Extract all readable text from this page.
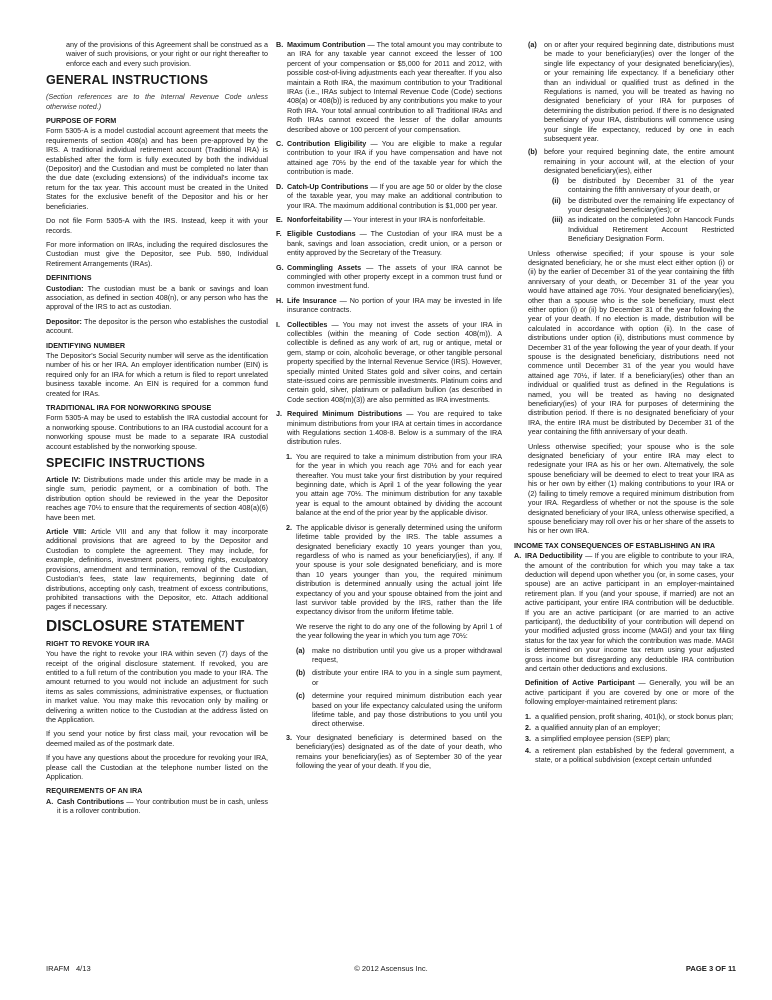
any of the provisions of this Agreement shall be construed as a waiver of such provisions, or your right or our right thereafter to enforce each and every such provision.

GENERAL INSTRUCTIONS

(Section references are to the Internal Revenue Code unless otherwise noted.)

PURPOSE OF FORM

Form 5305-A is a model custodial account agreement that meets the requirements of section 408(a) and has been pre-approved by the IRS. A traditional individual retirement account (Traditional IRA) is established after the form is fully executed by both the individual (Depositor) and the Custodian and must be completed no later than the due date (excluding extensions) of the individual's income tax return for the tax year. This account must be created in the United States for the exclusive benefit of the Depositor and his or her beneficiaries.

Do not file Form 5305-A with the IRS. Instead, keep it with your records.

For more information on IRAs, including the required disclosures the Custodian must give the Depositor, see Pub. 590, Individual Retirement Arrangements (IRAs).

DEFINITIONS

Custodian: The custodian must be a bank or savings and loan association, as defined in section 408(n), or any person who has the approval of the IRS to act as custodian.

Depositor: The depositor is the person who establishes the custodial account.

IDENTIFYING NUMBER

The Depositor's Social Security number will serve as the identification number of his or her IRA. An employer identification number (EIN) is required only for an IRA for which a return is filed to report unrelated business taxable income. An EIN is required for a common fund created for IRAs.

TRADITIONAL IRA FOR NONWORKING SPOUSE

Form 5305-A may be used to establish the IRA custodial account for a nonworking spouse. Contributions to an IRA custodial account for a nonworking spouse must be made to a separate IRA custodial account established by the nonworking spouse.

SPECIFIC INSTRUCTIONS

Article IV: Distributions made under this article may be made in a single sum, periodic payment, or a combination of both. The distribution option should be reviewed in the year the Depositor reaches age 70½ to ensure that the requirements of section 408(a)(6) have been met.

Article VIII: Article VIII and any that follow it may incorporate additional provisions that are agreed to by the Depositor and Custodian to complete the agreement. They may include, for example, definitions, investment powers, voting rights, exculpatory provisions, amendment and termination, removal of the Custodian, Custodian's fees, state law requirements, beginning date of distributions, accepting only cash, treatment of excess contributions, prohibited transactions with the Depositor, etc. Attach additional pages if necessary.

DISCLOSURE STATEMENT
RIGHT TO REVOKE YOUR IRA

You have the right to revoke your IRA within seven (7) days of the receipt of the original disclosure statement. If revoked, you are entitled to a full return of the contribution you made to your IRA. The amount returned to you would not include an adjustment for such items as sales commissions, administrative expenses, or fluctuation in market value. You may make this revocation only by mailing or delivering a written notice to the Custodian at the address listed on the Application.

If you send your notice by first class mail, your revocation will be deemed mailed as of the postmark date.

If you have any questions about the procedure for revoking your IRA, please call the Custodian at the telephone number listed on the Application.

REQUIREMENTS OF AN IRA
A. Cash Contributions — Your contribution must be in cash, unless it is a rollover contribution.
B. Maximum Contribution — The total amount you may contribute to an IRA for any taxable year cannot exceed the lesser of 100 percent of your compensation or $5,000 for 2011 and 2012, with possible cost-of-living adjustments each year thereafter. If you also maintain a Roth IRA, the maximum contribution to your Traditional IRAs (i.e., IRAs subject to Internal Revenue Code (Code) sections 408(a) or 408(b)) is reduced by any contributions you make to your Roth IRA. Your total annual contribution to all Traditional IRAs and Roth IRAs cannot exceed the lesser of the dollar amounts described above or 100 percent of your compensation.
C. Contribution Eligibility — You are eligible to make a regular contribution to your IRA if you have compensation and have not attained age 70½ by the end of the taxable year for which the contribution is made.
D. Catch-Up Contributions — If you are age 50 or older by the close of the taxable year, you may make an additional contribution to your IRA. The maximum additional contribution is $1,000 per year.
E. Nonforfeitability — Your interest in your IRA is nonforfeitable.
F. Eligible Custodians — The Custodian of your IRA must be a bank, savings and loan association, credit union, or a person or entity approved by the Secretary of the Treasury.
G. Commingling Assets — The assets of your IRA cannot be commingled with other property except in a common trust fund or common investment fund.
H. Life Insurance — No portion of your IRA may be invested in life insurance contracts.
I. Collectibles — You may not invest the assets of your IRA in collectibles (within the meaning of Code section 408(m)). A collectible is defined as any work of art, rug or antique, metal or gem, stamp or coin, alcoholic beverage, or other tangible personal property specified by the Internal Revenue Service (IRS). However, specially minted United States gold and silver coins, and certain state-issued coins are permissible investments. Platinum coins and certain gold, silver, platinum or palladium bullion (as described in Code section 408(m)(3)) are also permitted as IRA investments.
J. Required Minimum Distributions — You are required to take minimum distributions from your IRA at certain times in accordance with Regulations section 1.408-8. Below is a summary of the IRA distribution rules.
1. You are required to take a minimum distribution from your IRA for the year in which you reach age 70½ and for each year thereafter. You must take your first distribution by your required beginning date, which is April 1 of the year following the year you attain age 70½. The minimum distribution for any taxable year is equal to the amount obtained by dividing the account balance at the end of the prior year by the applicable divisor.
2. The applicable divisor is generally determined using the uniform lifetime table provided by the IRS. The table assumes a designated beneficiary exactly 10 years younger than you, regardless of who is named as your beneficiary(ies), if any. If your spouse is your sole designated beneficiary, and is more than 10 years younger than you, the required minimum distribution is determined annually using the actual joint life expectancy of you and your spouse obtained from the joint and last survivor table provided by the IRS, rather than the life expectancy divisor from the uniform lifetime table.

We reserve the right to do any one of the following by April 1 of the year following the year in which you turn age 70½:

(a)	make no distribution until you give us a proper withdrawal request,
(b) distribute your entire IRA to you in a single sum payment, or
(c)	determine your required minimum distribution each year based on your life expectancy calculated using the uniform lifetime table, and pay those distributions to you until you direct otherwise.
3. Your designated beneficiary is determined based on the beneficiary(ies) designated as of the date of your death, who remains your beneficiary(ies) as of September 30 of the year following the year of your death. If you die,
(a)	on or after your required beginning date, distributions must be made to your beneficiary(ies) over the longer of the single life expectancy of your designated beneficiary(ies), or your remaining life expectancy. If a beneficiary other than an individual or qualified trust as defined in the Regulations is named, you will be treated as having no designated beneficiary of your IRA for purposes of determining the distribution period. If there is no designated beneficiary of your IRA, distributions will commence using your single life expectancy, reduced by one in each subsequent year.
(b) before your required beginning date, the entire amount remaining in your account will, at the election of your designated beneficiary(ies), either
(i)	be distributed by December 31 of the year containing the fifth anniversary of your death, or
(ii)	be distributed over the remaining life expectancy of your designated beneficiary(ies); or
(iii) as indicated on the completed John Hancock Funds Individual Retirement Account Restricted Beneficiary Designation Form.

Unless otherwise specified; if your spouse is your sole designated beneficiary, he or she must elect either option (i) or (ii) by the earlier of December 31 of the year containing the fifth anniversary of your death, or December 31 of the year you would have attained age 70½. Your designated beneficiary(ies), other than a spouse who is the sole beneficiary, must elect either option (i) or (ii) by December 31 of the year following the year of your death. If no election is made, distribution will be calculated in accordance with option (ii). In the case of distributions under option (ii), distributions must commence by December 31 of the year following the year of your death. If your spouse is the designated beneficiary, distributions need not commence until December 31 of the year you would have attained age 70½, if later. If a beneficiary(ies) other than an individual or qualified trust as defined in the Regulations is named, you will be treated as having no designated beneficiary(ies) of your IRA for purposes of determining the distribution period. If there is no designated beneficiary of your IRA, the entire IRA must be distributed by December 31 of the year containing the fifth anniversary of your death.

Unless otherwise specified; your spouse who is the sole designated beneficiary of your entire IRA may elect to redesignate your IRA as his or her own. Alternatively, the sole spouse beneficiary will be deemed to elect to treat your IRA as his or her own by either (1) making contributions to your IRA or (2) failing to timely remove a required minimum distribution from your IRA. Regardless of whether or not the spouse is the sole designated beneficiary of your IRA, unless otherwise specified, a spouse beneficiary may roll over his or her share of the assets to his or her own IRA.

INCOME TAX CONSEQUENCES OF ESTABLISHING AN IRA
A. IRA Deductibility — If you are eligible to contribute to your IRA, the amount of the contribution for which you may take a tax deduction will depend upon whether you (or, in some cases, your spouse) are an active participant in an employer-maintained retirement plan. If you (and your spouse, if married) are not an active participant, your entire IRA contribution will be deductible. If you are an active participant (or are married to an active participant), the deductibility of your contribution will depend on your modified adjusted gross income (MAGI) and your tax filing status for the tax year for which the contribution was made. MAGI is determined on your income tax return using your adjusted gross income but disregarding any deductible IRA contribution and certain other deductions and exclusions.

Definition of Active Participant — Generally, you will be an active participant if you are covered by one or more of the following employer-maintained retirement plans:

1. a qualified pension, profit sharing, 401(k), or stock bonus plan;
2. a qualified annuity plan of an employer;
3. a simplified employee pension (SEP) plan;
4. a retirement plan established by the federal government, a state, or a political subdivision (except certain unfunded
© 2012 Ascensus Inc.
IRAFM   4/13	PAGE 3 OF 11
